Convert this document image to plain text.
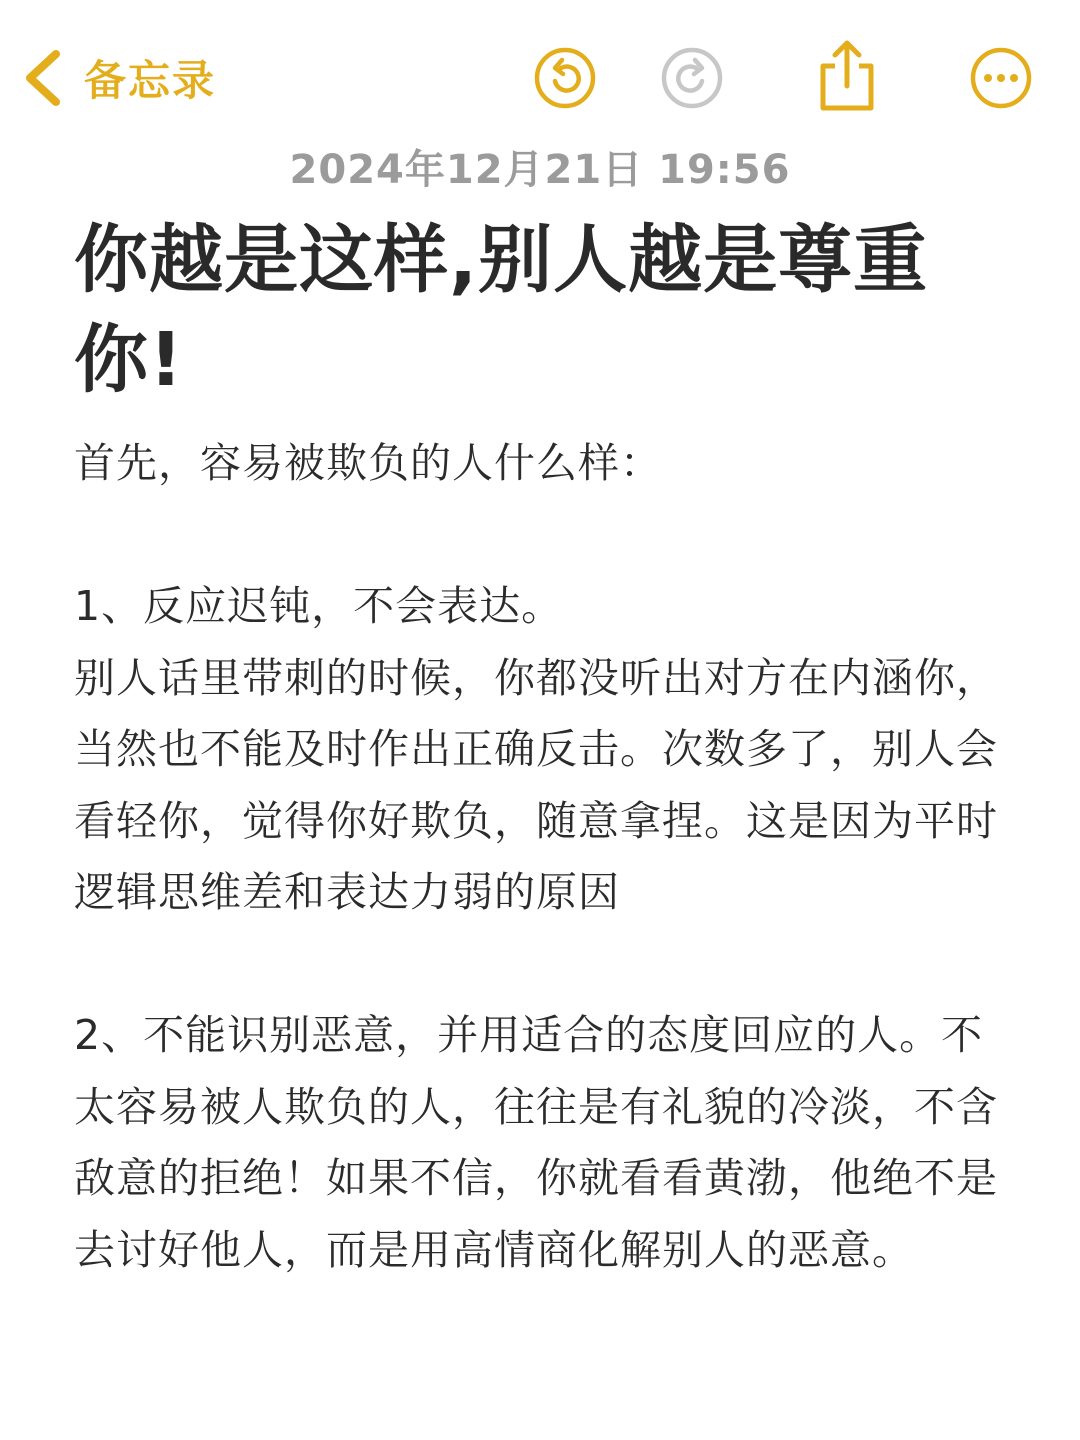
备忘录
2024年12月21日 19:56
你越是这样,别人越是尊重你!

首先，容易被欺负的人什么样：

1、反应迟钝，不会表达。

别人话里带刺的时候，你都没听出对方在内涵你，当然也不能及时作出正确反击。次数多了，别人会看轻你，觉得你好欺负，随意拿捏。这是因为平时逻辑思维差和表达力弱的原因

2、不能识别恶意，并用适合的态度回应的人。不太容易被人欺负的人，往往是有礼貌的冷淡，不含敌意的拒绝！如果不信，你就看看黄渤，他绝不是去讨好他人，而是用高情商化解别人的恶意。
